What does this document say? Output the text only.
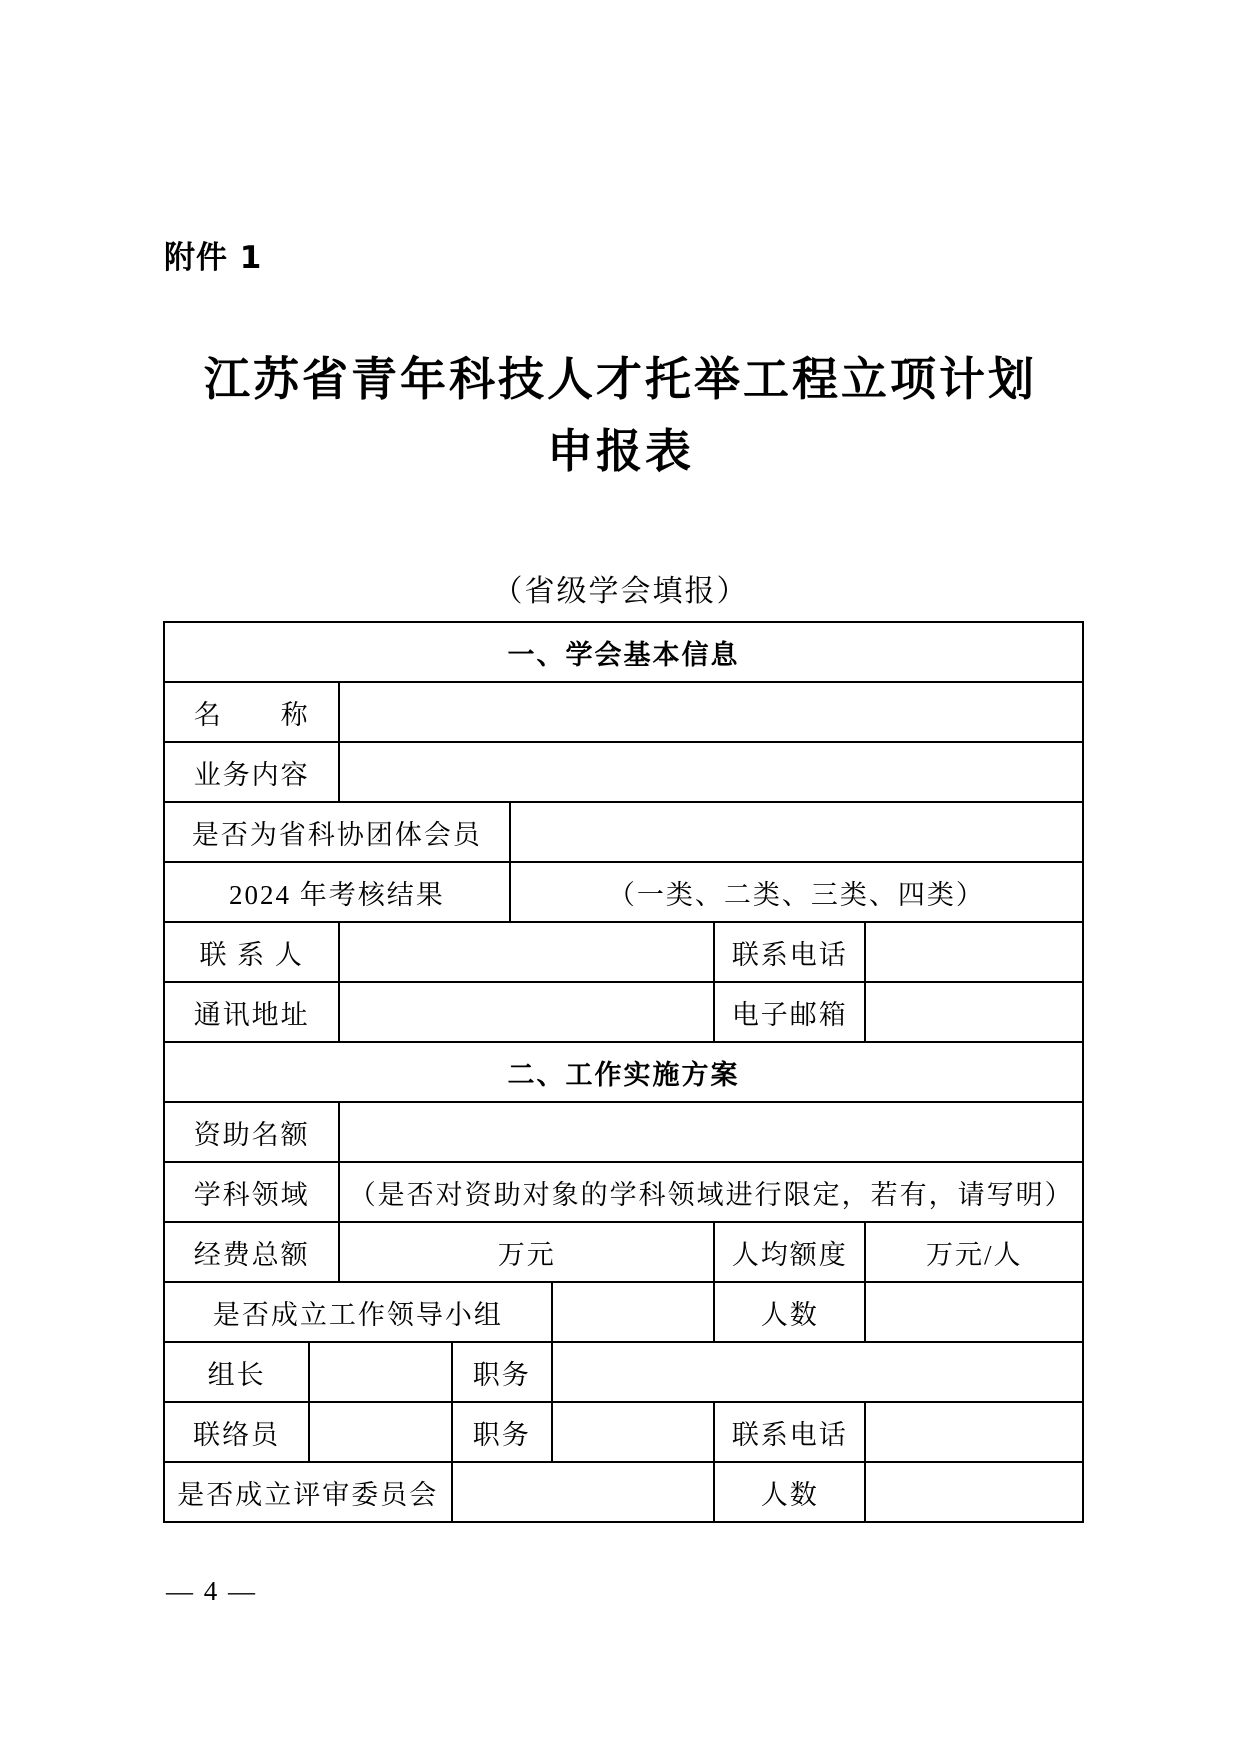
附件 1
江苏省青年科技人才托举工程立项计划
申报表
（省级学会填报）
一、学会基本信息							
名　　称							
业务内容							
是否为省科协团体会员							
2024 年考核结果				（一类、二类、三类、四类）			
联 系 人						联系电话	
通讯地址						电子邮箱	
二、工作实施方案							
资助名额							
学科领域		（是否对资助对象的学科领域进行限定，若有，请写明）					
经费总额		万元				人均额度	万元/人
是否成立工作领导小组						人数	
组长			职务				
联络员			职务			联系电话	
是否成立评审委员会						人数	
— 4 —
